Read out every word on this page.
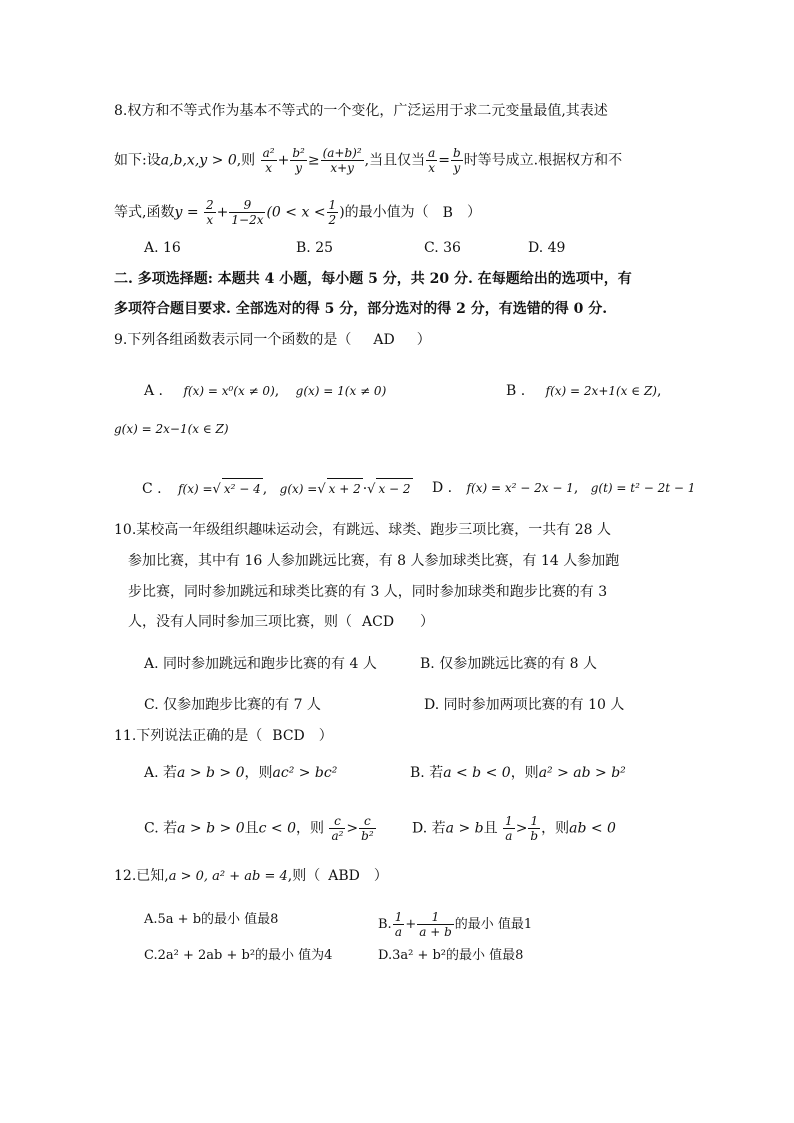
8.权方和不等式作为基本不等式的一个变化，广泛运用于求二元变量最值,其表述
如下:设a,b,x,y > 0,则 $\frac{\text{a²}}{x} + \frac{\text{b²}}{y} \ge \frac{\text{(a+b)²}}{x+y}$ ,当且仅当 $\frac{a}{x} = \frac{b}{y}$ 时等号成立.根据权方和不
等式,函数$y = \frac{2}{x} + \frac{9}{1-2x} (0 < x < \frac{1}{2}$ )的最小值为（ B ）
A. 16	B. 25	C. 36	D. 49
二. 多项选择题: 本题共 4 小题，每小题 5 分，共 20 分. 在每题给出的选项中，有
多项符合题目要求. 全部选对的得 5 分，部分选对的得 2 分，有选错的得 0 分.
9.下列各组函数表示同一个函数的是（ AD ）
A . f(x) = x⁰(x ≠ 0), g(x) = 1(x ≠ 0)	B . f(x) = 2x+1(x ∈ Z),
g(x) = 2x−1(x ∈ Z)
C . f(x) =√ x² − 4 , g(x) =√ x + 2 ·√ x − 2 D . f(x) = x² − 2x − 1, g(t) = t² − 2t − 1
10.某校高一年级组织趣味运动会，有跳远、球类、跑步三项比赛，一共有 28 人
参加比赛，其中有 16 人参加跳远比赛，有 8 人参加球类比赛，有 14 人参加跑
步比赛，同时参加跳远和球类比赛的有 3 人，同时参加球类和跑步比赛的有 3
人，没有人同时参加三项比赛，则（ ACD ）
A. 同时参加跳远和跑步比赛的有 4 人	B. 仅参加跳远比赛的有 8 人
C. 仅参加跑步比赛的有 7 人	D. 同时参加两项比赛的有 10 人
11.下列说法正确的是（ BCD ）
A. 若a > b > 0，则ac² > bc²	B. 若a < b < 0，则a² > ab > b²
C. 若a > b > 0且c < 0，则 $\frac{c}{\text{a²}} > \frac{c}{\text{b²}}$	D. 若a > b且 $\frac{1}{a} > \frac{1}{b}$ ，则ab < 0
12.已知,a > 0, a² + ab = 4,则（ ABD ）
A.5a + b的最小 值最8	B. $\frac{1}{a} + \frac{1}{a + b}$ 的最小 值最1
C.2a² + 2ab + b²的最小 值为4	D.3a² + b²的最小 值最8
